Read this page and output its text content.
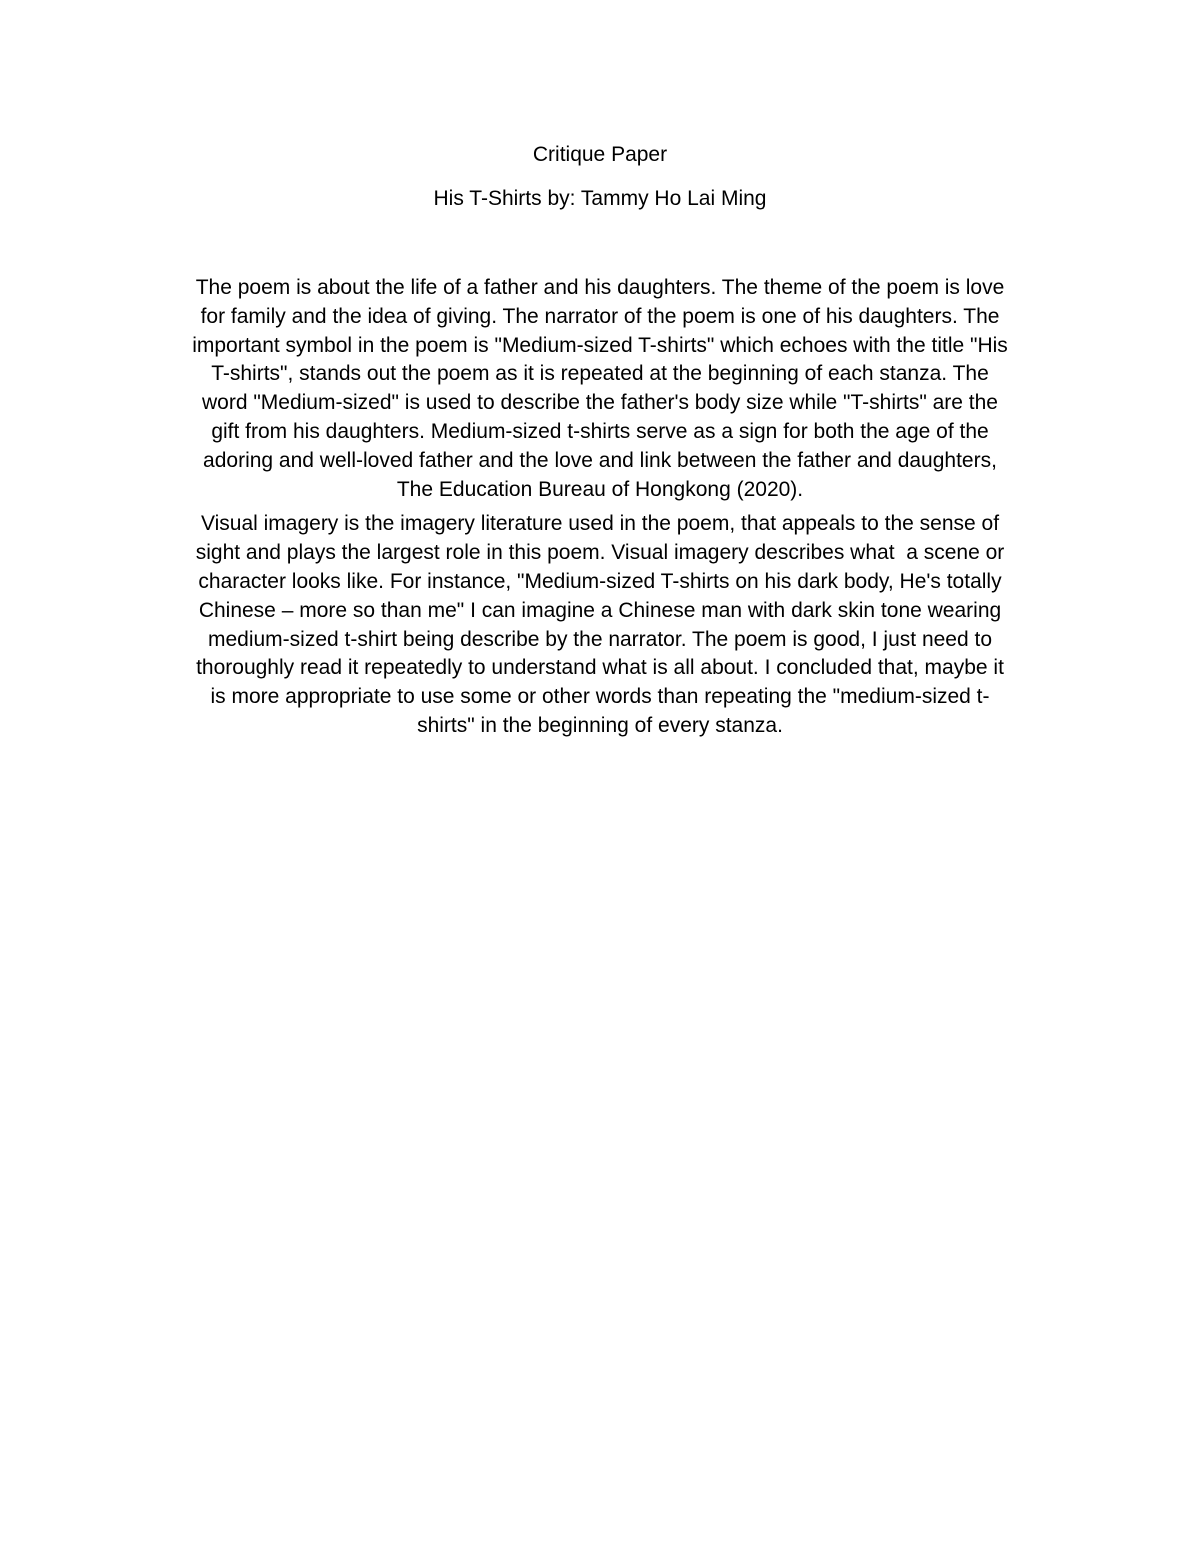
Critique Paper
His T-Shirts by: Tammy Ho Lai Ming

The poem is about the life of a father and his daughters. The theme of the poem is love
for family and the idea of giving. The narrator of the poem is one of his daughters. The
important symbol in the poem is "Medium-sized T-shirts" which echoes with the title "His
T-shirts", stands out the poem as it is repeated at the beginning of each stanza. The
word "Medium-sized" is used to describe the father's body size while "T-shirts" are the
gift from his daughters. Medium-sized t-shirts serve as a sign for both the age of the
adoring and well-loved father and the love and link between the father and daughters,
The Education Bureau of Hongkong (2020).

Visual imagery is the imagery literature used in the poem, that appeals to the sense of
sight and plays the largest role in this poem. Visual imagery describes what  a scene or
character looks like. For instance, "Medium-sized T-shirts on his dark body, He's totally
Chinese – more so than me" I can imagine a Chinese man with dark skin tone wearing
medium-sized t-shirt being describe by the narrator. The poem is good, I just need to
thoroughly read it repeatedly to understand what is all about. I concluded that, maybe it
is more appropriate to use some or other words than repeating the "medium-sized t-
shirts" in the beginning of every stanza.
